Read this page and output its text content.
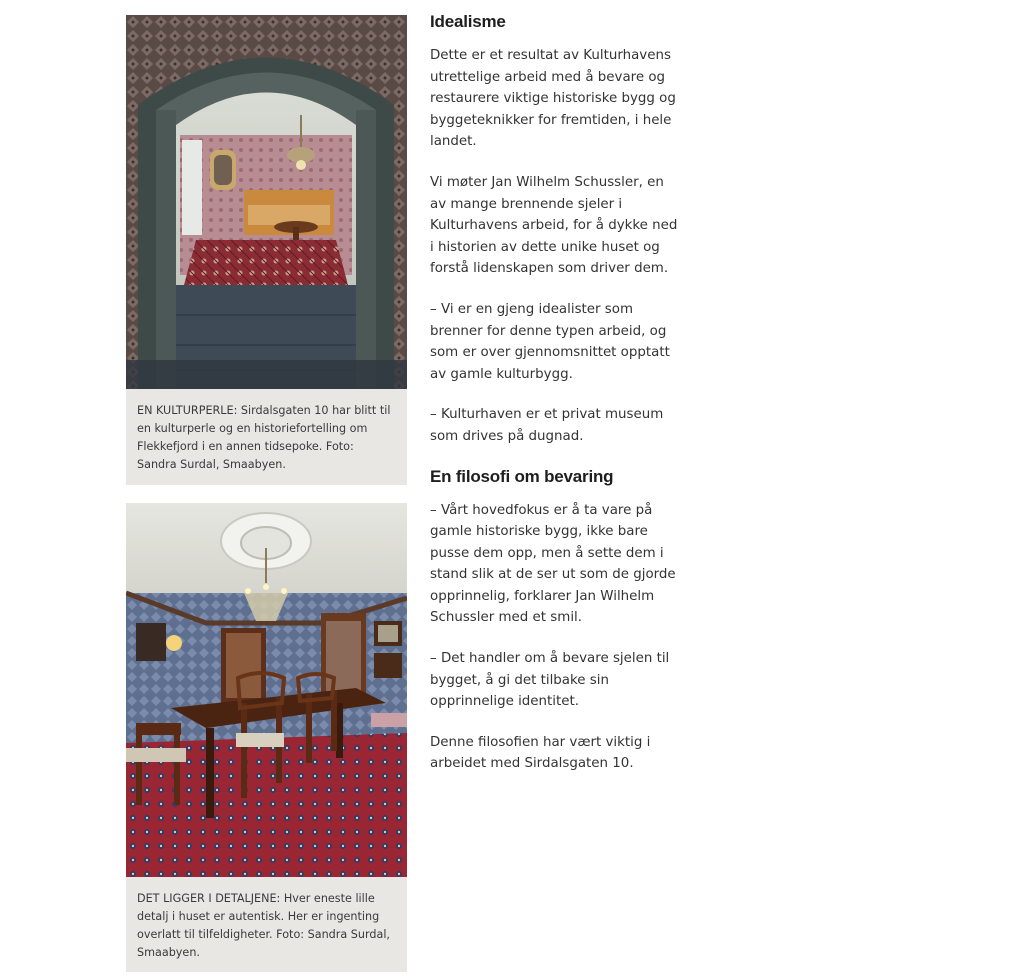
EN KULTURPERLE: Sirdalsgaten 10 har blitt til en kulturperle og en historiefortelling om Flekkefjord i en annen tidsepoke. Foto: Sandra Surdal, Smaabyen.
DET LIGGER I DETALJENE: Hver eneste lille detalj i huset er autentisk. Her er ingenting overlatt til tilfeldigheter. Foto: Sandra Surdal, Smaabyen.
Idealisme

Dette er et resultat av Kulturhavens utrettelige arbeid med å bevare og restaurere viktige historiske bygg og byggeteknikker for fremtiden, i hele landet.

Vi møter Jan Wilhelm Schussler, en av mange brennende sjeler i Kulturhavens arbeid, for å dykke ned i historien av dette unike huset og forstå lidenskapen som driver dem.

– Vi er en gjeng idealister som brenner for denne typen arbeid, og som er over gjennomsnittet opptatt av gamle kulturbygg.

– Kulturhaven er et privat museum som drives på dugnad.

En filosofi om bevaring

– Vårt hovedfokus er å ta vare på gamle historiske bygg, ikke bare pusse dem opp, men å sette dem i stand slik at de ser ut som de gjorde opprinnelig, forklarer Jan Wilhelm Schussler med et smil.

– Det handler om å bevare sjelen til bygget, å gi det tilbake sin opprinnelige identitet.

Denne filosofien har vært viktig i arbeidet med Sirdalsgaten 10.
